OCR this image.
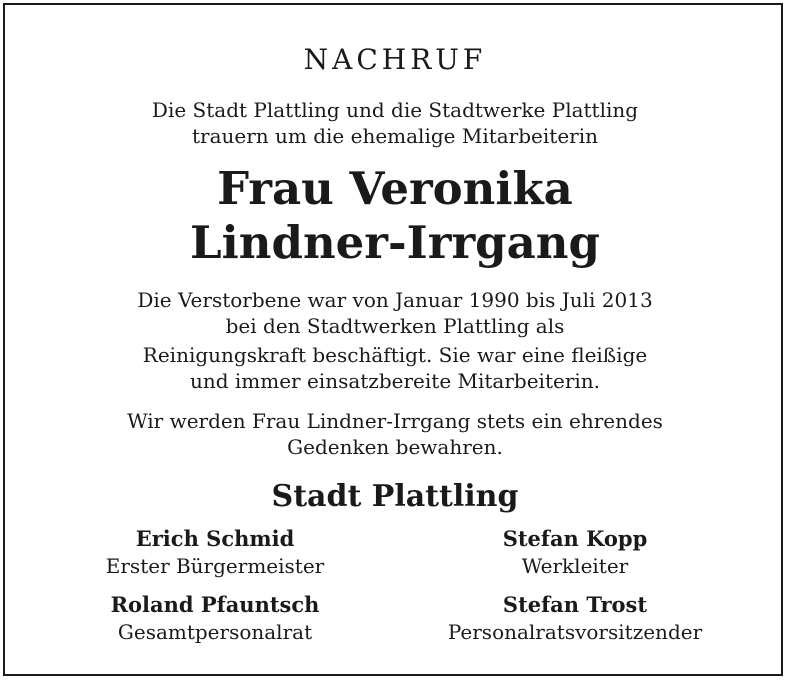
NACHRUF

Die Stadt Plattling und die Stadtwerke Plattling

trauern um die ehemalige Mitarbeiterin

Frau Veronika

Lindner-Irrgang

Die Verstorbene war von Januar 1990 bis Juli 2013

bei den Stadtwerken Plattling als

Reinigungskraft beschäftigt. Sie war eine fleißige

und immer einsatzbereite Mitarbeiterin.

Wir werden Frau Lindner-Irrgang stets ein ehrendes

Gedenken bewahren.

Stadt Plattling

Erich Schmid
Erster Bürgermeister
Stefan Kopp
Werkleiter
Roland Pfauntsch
Gesamtpersonalrat
Stefan Trost
Personalratsvorsitzender
